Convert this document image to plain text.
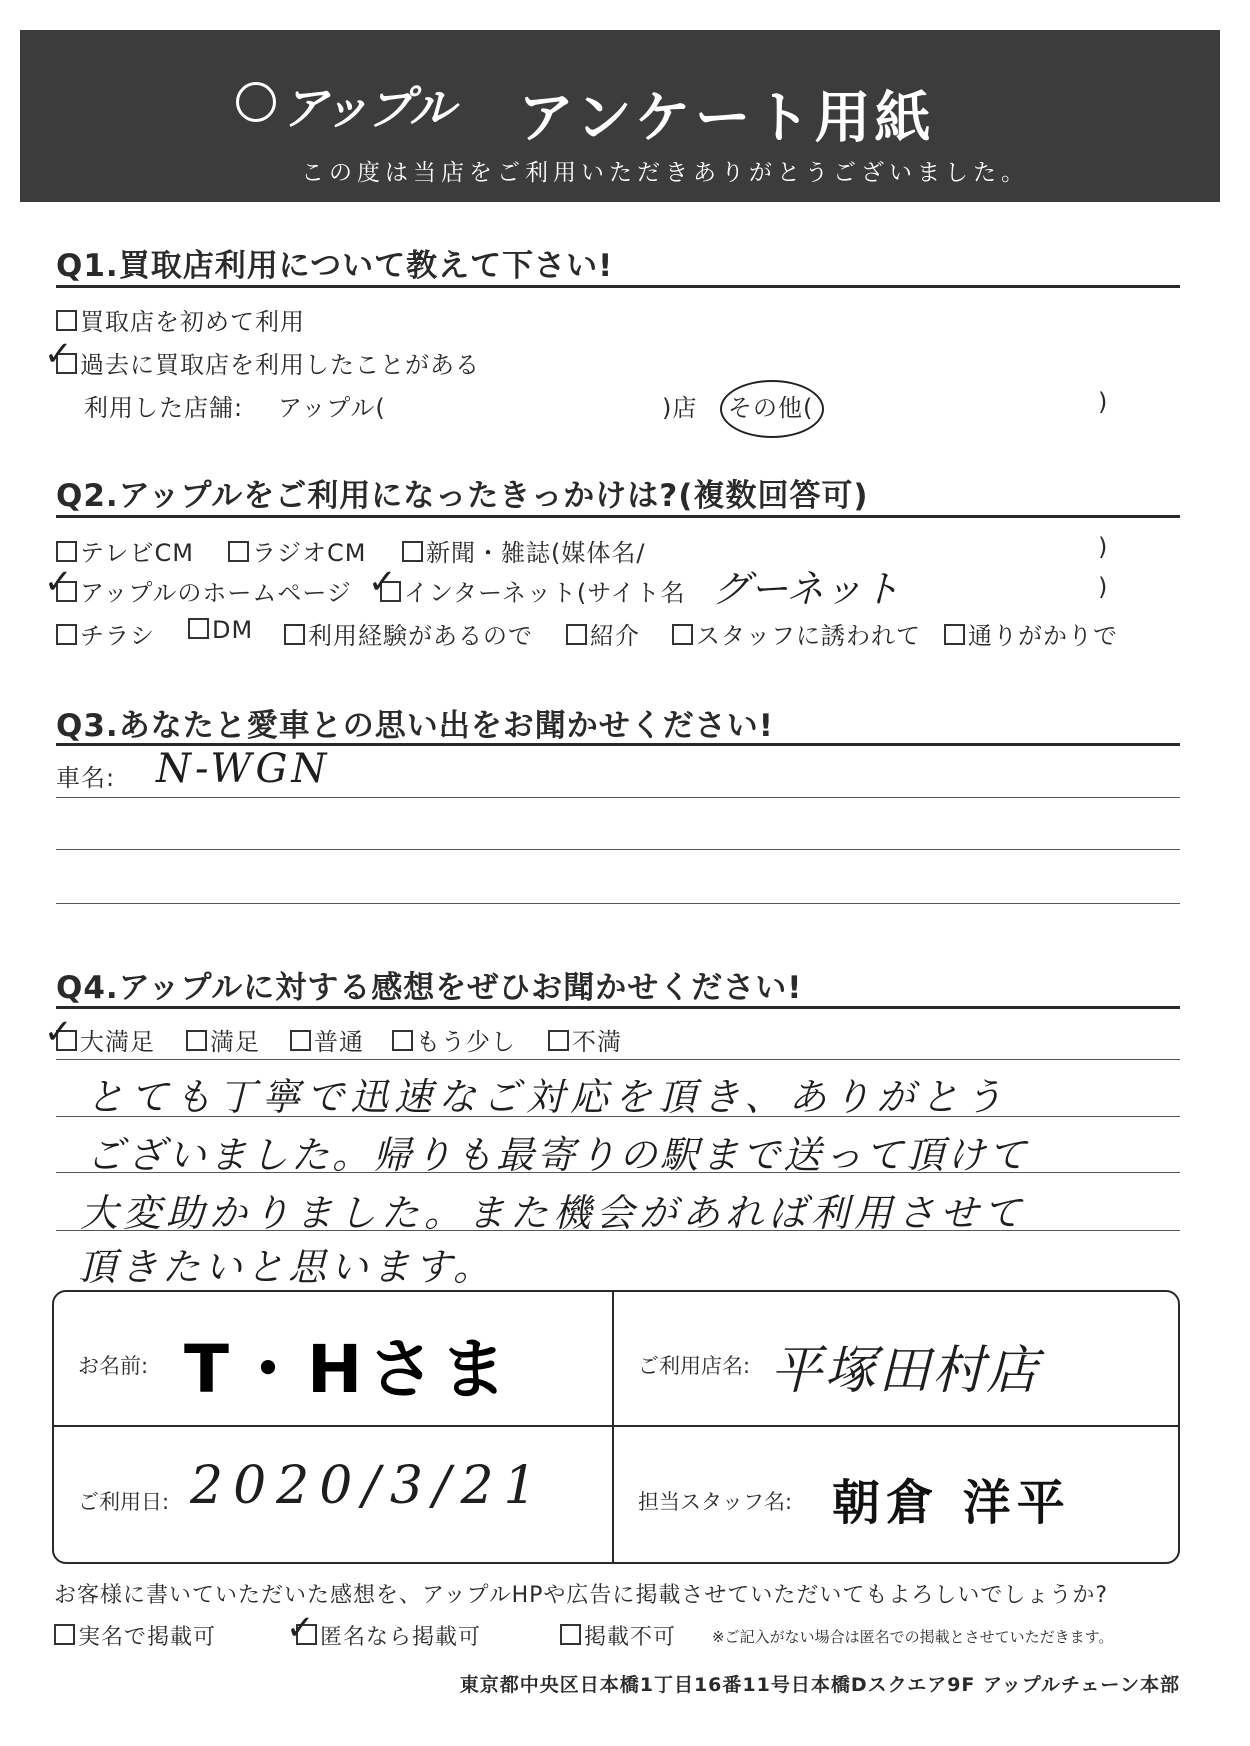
アップル アンケート用紙
この度は当店をご利用いただきありがとうございました。
Q1.買取店利用について教えて下さい!
買取店を初めて利用
過去に買取店を利用したことがある
✓
利用した店舗: アップル(	)店 その他(	)
Q2.アップルをご利用になったきっかけは?(複数回答可)
テレビCM	ラジオCM	新聞・雑誌(媒体名/	)
アップルのホームページ
✓	インターネット(サイト名
✓	グーネット	)
チラシ	DM	利用経験があるので	紹介	スタッフに誘われて	通りがかりで
Q3.あなたと愛車との思い出をお聞かせください!
車名: N-WGN
Q4.アップルに対する感想をぜひお聞かせください!
大満足
✓	満足	普通	もう少し	不満
とても丁寧で迅速なご対応を頂き、ありがとう
ございました。帰りも最寄りの駅まで送って頂けて
大変助かりました。また機会があれば利用させて
頂きたいと思います。
お名前: T・Hさま	ご利用店名: 平塚田村店
ご利用日: 2020/3/21	担当スタッフ名: 朝倉 洋平
お客様に書いていただいた感想を、アップルHPや広告に掲載させていただいてもよろしいでしょうか?
実名で掲載可	匿名なら掲載可
✓	掲載不可 ※ご記入がない場合は匿名での掲載とさせていただきます。
東京都中央区日本橋1丁目16番11号日本橋Dスクエア9F アップルチェーン本部
